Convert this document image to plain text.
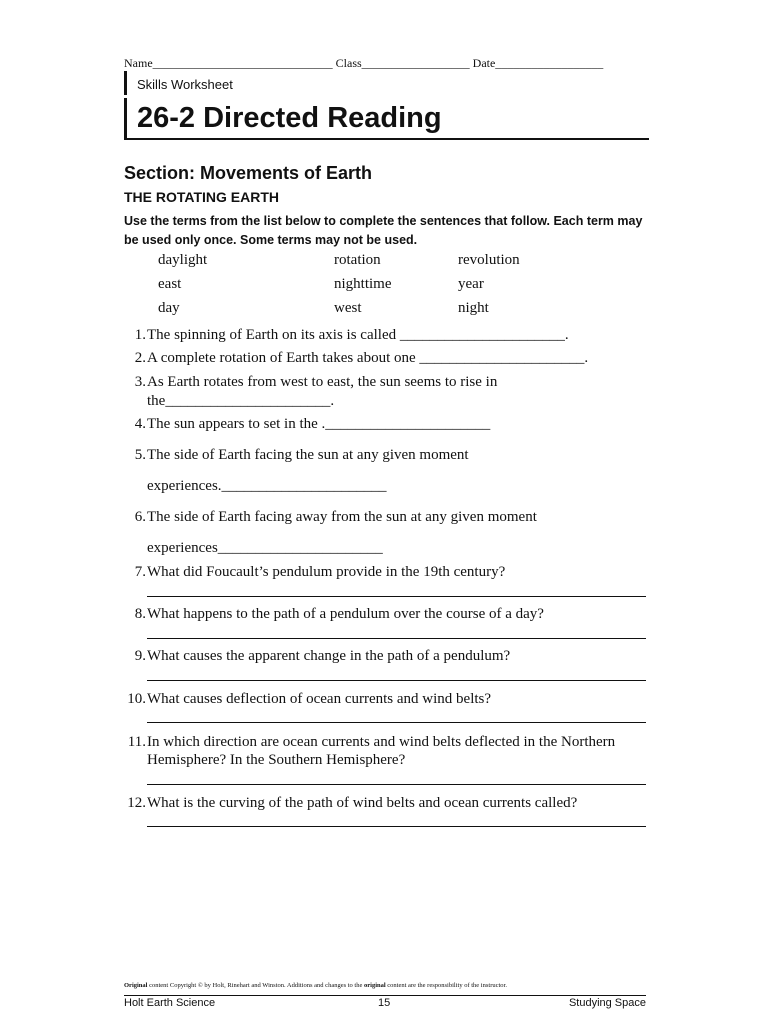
Name______________________________ Class__________________ Date__________________
Skills Worksheet
26-2 Directed Reading
Section: Movements of Earth
THE ROTATING EARTH
Use the terms from the list below to complete the sentences that follow. Each term may be used only once. Some terms may not be used.
daylight	rotation	revolution
east	nighttime	year
day	west	night
1. The spinning of Earth on its axis is called ______________________.
2. A complete rotation of Earth takes about one ______________________.
3. As Earth rotates from west to east, the sun seems to rise in
the______________________.
4. The sun appears to set in the .______________________
5. The side of Earth facing the sun at any given moment
experiences.______________________
6. The side of Earth facing away from the sun at any given moment
experiences______________________
7. What did Foucault’s pendulum provide in the 19th century?
8. What happens to the path of a pendulum over the course of a day?
9. What causes the apparent change in the path of a pendulum?
10. What causes deflection of ocean currents and wind belts?
11. In which direction are ocean currents and wind belts deflected in the Northern
Hemisphere? In the Southern Hemisphere?
12. What is the curving of the path of wind belts and ocean currents called?
Original content Copyright © by Holt, Rinehart and Winston. Additions and changes to the original content are the responsibility of the instructor.
Holt Earth Science	15	Studying Space
